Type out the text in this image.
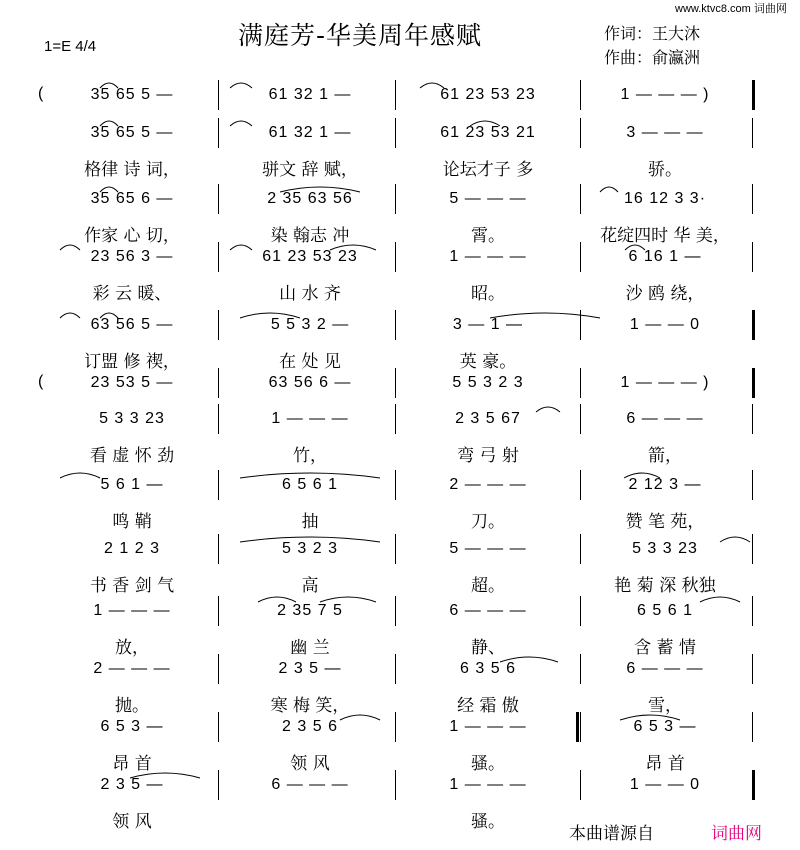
www.ktvc8.com 词曲网
满庭芳-华美周年感赋
1=E 4/4
作词：王大沐
作曲：俞瀛洲
(	35 65 5 —	61 32 1 —	61 23 53 23	1 — — — )
35 65 5 —	61 32 1 —	61 23 53 21	3 — — —
格律 诗 词，	骈文 辞 赋，	论坛才子 多	骄。
35 65 6 —	2 35 63 56	5 — — —	16 12 3 3·
作家 心 切，	染 翰志 冲	霄。	花绽四时 华 美，
23 56 3 —	61 23 53 23	1 — — —	6 16 1 —
彩 云 暖、	山 水 齐	昭。	沙 鸥 绕，
63 56 5 —	5 5 3 2 —	3 — 1 —	1 — — 0
订盟 修 禊，	在 处 见	英 豪。
(	23 53 5 —	63 56 6 —	5 5 3 2 3	1 — — — )
5 3 3 23	1 — — —	2 3 5 67	6 — — —
看 虚 怀 劲	竹，	弯 弓 射	箭，
5 6 1 —	6 5 6 1	2 — — —	2 12 3 —
鸣 鞘	抽	刀。	赞 笔 苑，
2 1 2 3	5 3 2 3	5 — — —	5 3 3 23
书 香 剑 气	高	超。	艳 菊 深 秋独
1 — — —	2 35 7 5	6 — — —	6 5 6 1
放，	幽 兰	静、	含 蓄 情
2 — — —	2 3 5 —	6 3 5 6	6 — — —
抛。	寒 梅 笑，	经 霜 傲	雪，
6 5 3 —	2 3 5 6	1 — — —	6 5 3 —
昂 首	领 风	骚。	昂 首
2 3 5 —	6 — — —	1 — — —	1 — — 0
领 风	骚。
本曲谱源自	词曲网
